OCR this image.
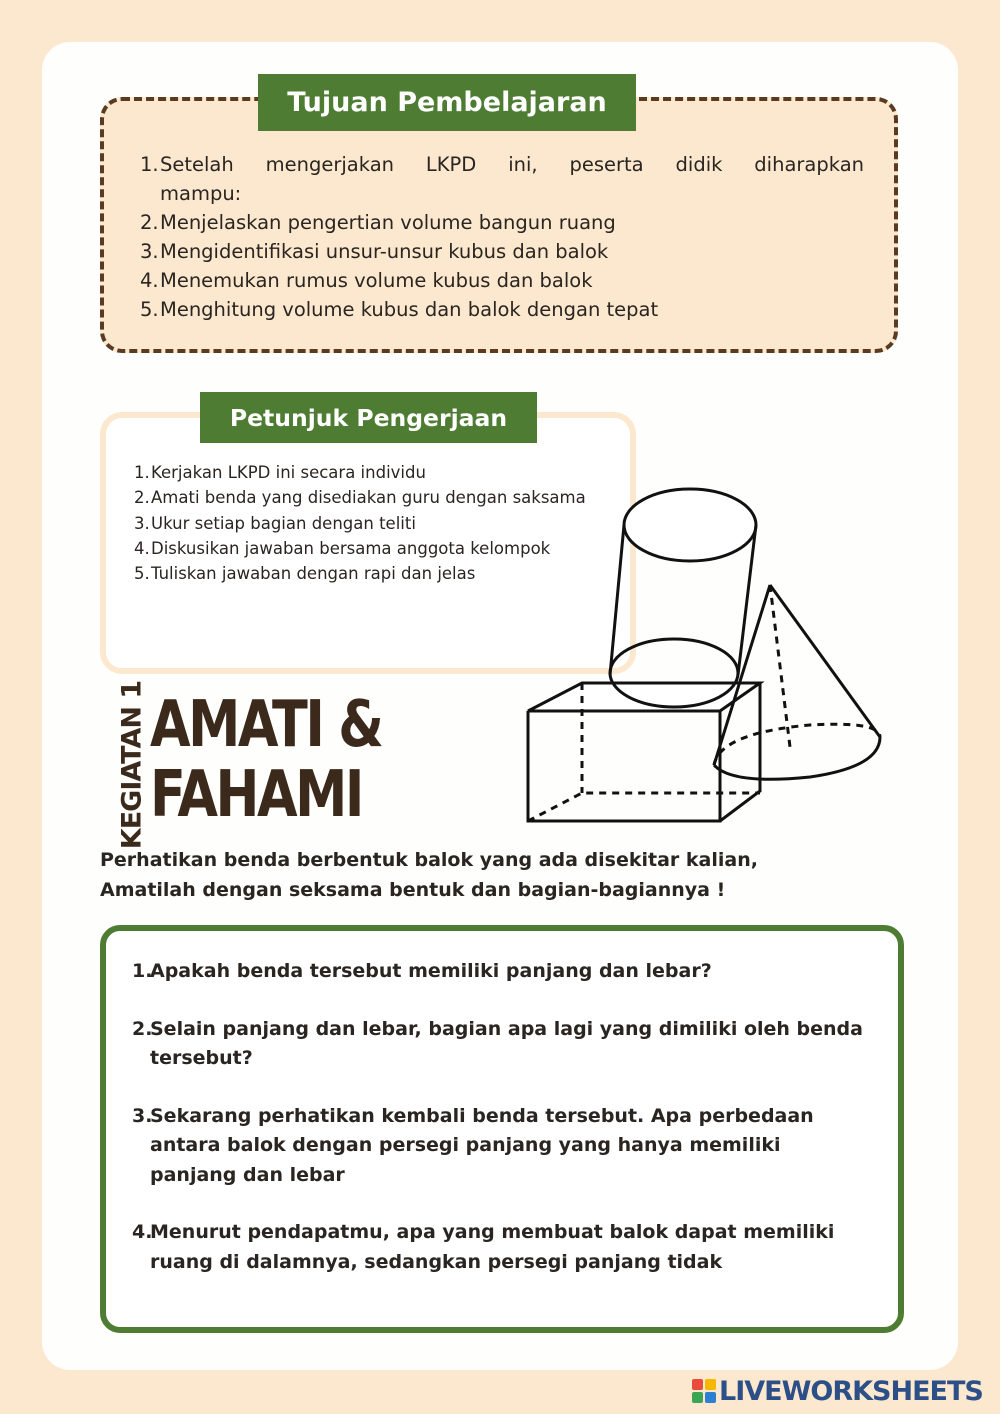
Tujuan Pembelajaran
1. Setelah mengerjakan LKPD ini, peserta didik diharapkan
mampu:
2. Menjelaskan pengertian volume bangun ruang
3. Mengidentifikasi unsur-unsur kubus dan balok
4. Menemukan rumus volume kubus dan balok
5. Menghitung volume kubus dan balok dengan tepat
Petunjuk Pengerjaan
1. Kerjakan LKPD ini secara individu
2. Amati benda yang disediakan guru dengan saksama
3. Ukur setiap bagian dengan teliti
4. Diskusikan jawaban bersama anggota kelompok
5. Tuliskan jawaban dengan rapi dan jelas
KEGIATAN 1 AMATI &
FAHAMI

Perhatikan benda berbentuk balok yang ada disekitar kalian,

Amatilah dengan seksama bentuk dan bagian-bagiannya !

1.
Apakah benda tersebut memiliki panjang dan lebar?
2.
Selain panjang dan lebar, bagian apa lagi yang dimiliki oleh benda tersebut?
3.
Sekarang perhatikan kembali benda tersebut. Apa perbedaan antara balok dengan persegi panjang yang hanya memiliki panjang dan lebar
4.
Menurut pendapatmu, apa yang membuat balok dapat memiliki ruang di dalamnya, sedangkan persegi panjang tidak
LIVEWORKSHEETS
